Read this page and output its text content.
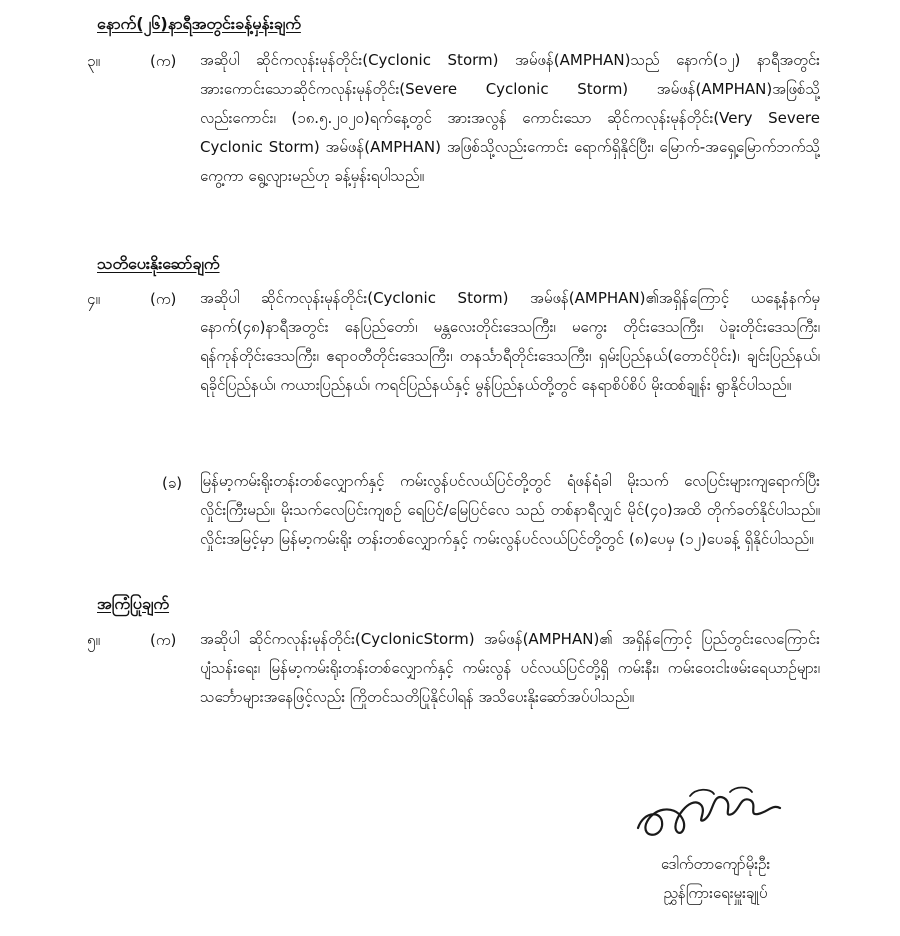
နောက်(၂၆)နာရီအတွင်းခန့်မှန်းချက်
၃။	(က) အဆိုပါ ဆိုင်ကလုန်းမုန်တိုင်း(Cyclonic Storm) အမ်ဖန်(AMPHAN)သည် နောက်(၁၂) နာရီအတွင်း အားကောင်းသောဆိုင်ကလုန်းမုန်တိုင်း(Severe Cyclonic Storm) အမ်ဖန်(AMPHAN)အဖြစ်သို့လည်းကောင်း၊ (၁၈.၅.၂၀၂၀)ရက်နေ့တွင် အားအလွန် ကောင်းသော ဆိုင်ကလုန်းမုန်တိုင်း(Very Severe Cyclonic Storm) အမ်ဖန်(AMPHAN) အဖြစ်သို့လည်းကောင်း ရောက်ရှိနိုင်ပြီး၊ မြောက်-အရှေ့မြောက်ဘက်သို့ကွေ့ကာ ရွေ့လျားမည်ဟု ခန့်မှန်းရပါသည်။
သတိပေးနိုးဆော်ချက်
၄။	(က) အဆိုပါ ဆိုင်ကလုန်းမုန်တိုင်း(Cyclonic Storm) အမ်ဖန်(AMPHAN)၏အရှိန်ကြောင့် ယနေ့နံနက်မှ နောက်(၄၈)နာရီအတွင်း နေပြည်တော်၊ မန္တလေးတိုင်းဒေသကြီး၊ မကွေး တိုင်းဒေသကြီး၊ ပဲခူးတိုင်းဒေသကြီး၊ ရန်ကုန်တိုင်းဒေသကြီး၊ ဧရာဝတီတိုင်းဒေသကြီး၊ တနင်္သာရီတိုင်းဒေသကြီး၊ ရှမ်းပြည်နယ်(တောင်ပိုင်း)၊ ချင်းပြည်နယ်၊ ရခိုင်ပြည်နယ်၊ ကယားပြည်နယ်၊ ကရင်ပြည်နယ်နှင့် မွန်ပြည်နယ်တို့တွင် နေရာစိပ်စိပ် မိုးထစ်ချုန်း ရွာနိုင်ပါသည်။
(ခ) မြန်မာ့ကမ်းရိုးတန်းတစ်လျှောက်နှင့် ကမ်းလွန်ပင်လယ်ပြင်တို့တွင် ရံဖန်ရံခါ မိုးသက် လေပြင်းများကျရောက်ပြီး လှိုင်းကြီးမည်။ မိုးသက်လေပြင်းကျစဉ် ရေပြင်/မြေပြင်လေ သည် တစ်နာရီလျှင် မိုင်(၄၀)အထိ တိုက်ခတ်နိုင်ပါသည်။ လှိုင်းအမြင့်မှာ မြန်မာ့ကမ်းရိုး တန်းတစ်လျှောက်နှင့် ကမ်းလွန်ပင်လယ်ပြင်တို့တွင် (၈)ပေမှ (၁၂)ပေခန့် ရှိနိုင်ပါသည်။
အကြံပြုချက်
၅။	(က) အဆိုပါ ဆိုင်ကလုန်းမုန်တိုင်း(CyclonicStorm) အမ်ဖန်(AMPHAN)၏ အရှိန်ကြောင့် ပြည်တွင်းလေကြောင်း ပျံသန်းရေး၊ မြန်မာ့ကမ်းရိုးတန်းတစ်လျှောက်နှင့် ကမ်းလွန် ပင်လယ်ပြင်တို့ရှိ ကမ်းနီး၊ ကမ်းဝေးငါးဖမ်းရေယာဉ်များ၊ သင်္ဘောများအနေဖြင့်လည်း ကြိုတင်သတိပြုနိုင်ပါရန် အသိပေးနိုးဆော်အပ်ပါသည်။
ဒေါက်တာကျော်မိုးဦး
ညွှန်ကြားရေးမှူးချုပ်
